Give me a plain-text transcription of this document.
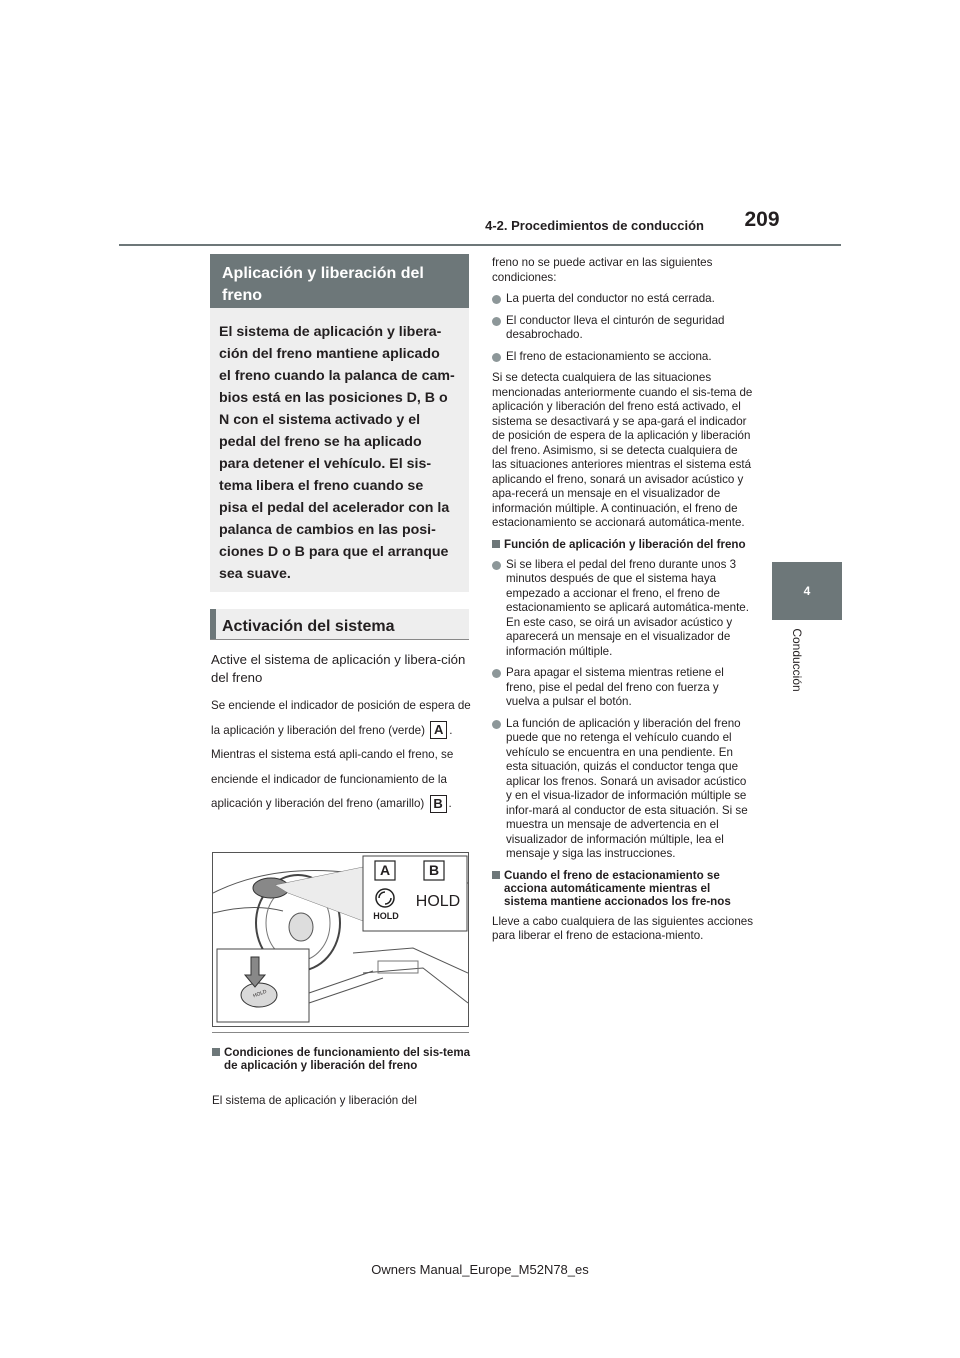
4-2. Procedimientos de conducción	209
4
Conducción
Aplicación y liberación del freno

El sistema de aplicación y libera-

ción del freno mantiene aplicado

el freno cuando la palanca de cam-

bios está en las posiciones D, B o

N con el sistema activado y el

pedal del freno se ha aplicado

para detener el vehículo. El sis-

tema libera el freno cuando se

pisa el pedal del acelerador con la

palanca de cambios en las posi-

ciones D o B para que el arranque

sea suave.

Activación del sistema
Active el sistema de aplicación y libera-ción del freno
Se enciende el indicador de posición de espera de la aplicación y liberación del freno (verde) A . Mientras el sistema está apli-cando el freno, se enciende el indicador de funcionamiento de la aplicación y liberación del freno (amarillo) B .
A	B
HOLD
HOLD
HOLD
Condiciones de funcionamiento del sis-tema de aplicación y liberación del freno
El sistema de aplicación y liberación del
freno no se puede activar en las siguientes condiciones:
La puerta del conductor no está cerrada.
El conductor lleva el cinturón de seguridad desabrochado.
El freno de estacionamiento se acciona.
Si se detecta cualquiera de las situaciones mencionadas anteriormente cuando el sis-tema de aplicación y liberación del freno está activado, el sistema se desactivará y se apa-gará el indicador de posición de espera de la aplicación y liberación del freno. Asimismo, si se detecta cualquiera de las situaciones anteriores mientras el sistema está aplicando el freno, sonará un avisador acústico y apa-recerá un mensaje en el visualizador de información múltiple. A continuación, el freno de estacionamiento se accionará automática-mente.
Función de aplicación y liberación del freno
Si se libera el pedal del freno durante unos 3 minutos después de que el sistema haya empezado a accionar el freno, el freno de estacionamiento se aplicará automática-mente. En este caso, se oirá un avisador acústico y aparecerá un mensaje en el visualizador de información múltiple.
Para apagar el sistema mientras retiene el freno, pise el pedal del freno con fuerza y vuelva a pulsar el botón.
La función de aplicación y liberación del freno puede que no retenga el vehículo cuando el vehículo se encuentra en una pendiente. En esta situación, quizás el conductor tenga que aplicar los frenos. Sonará un avisador acústico y en el visua-lizador de información múltiple se infor-mará al conductor de esta situación. Si se muestra un mensaje de advertencia en el visualizador de información múltiple, lea el mensaje y siga las instrucciones.
Cuando el freno de estacionamiento se acciona automáticamente mientras el sistema mantiene accionados los fre-nos
Lleve a cabo cualquiera de las siguientes acciones para liberar el freno de estaciona-miento.
Owners Manual_Europe_M52N78_es
